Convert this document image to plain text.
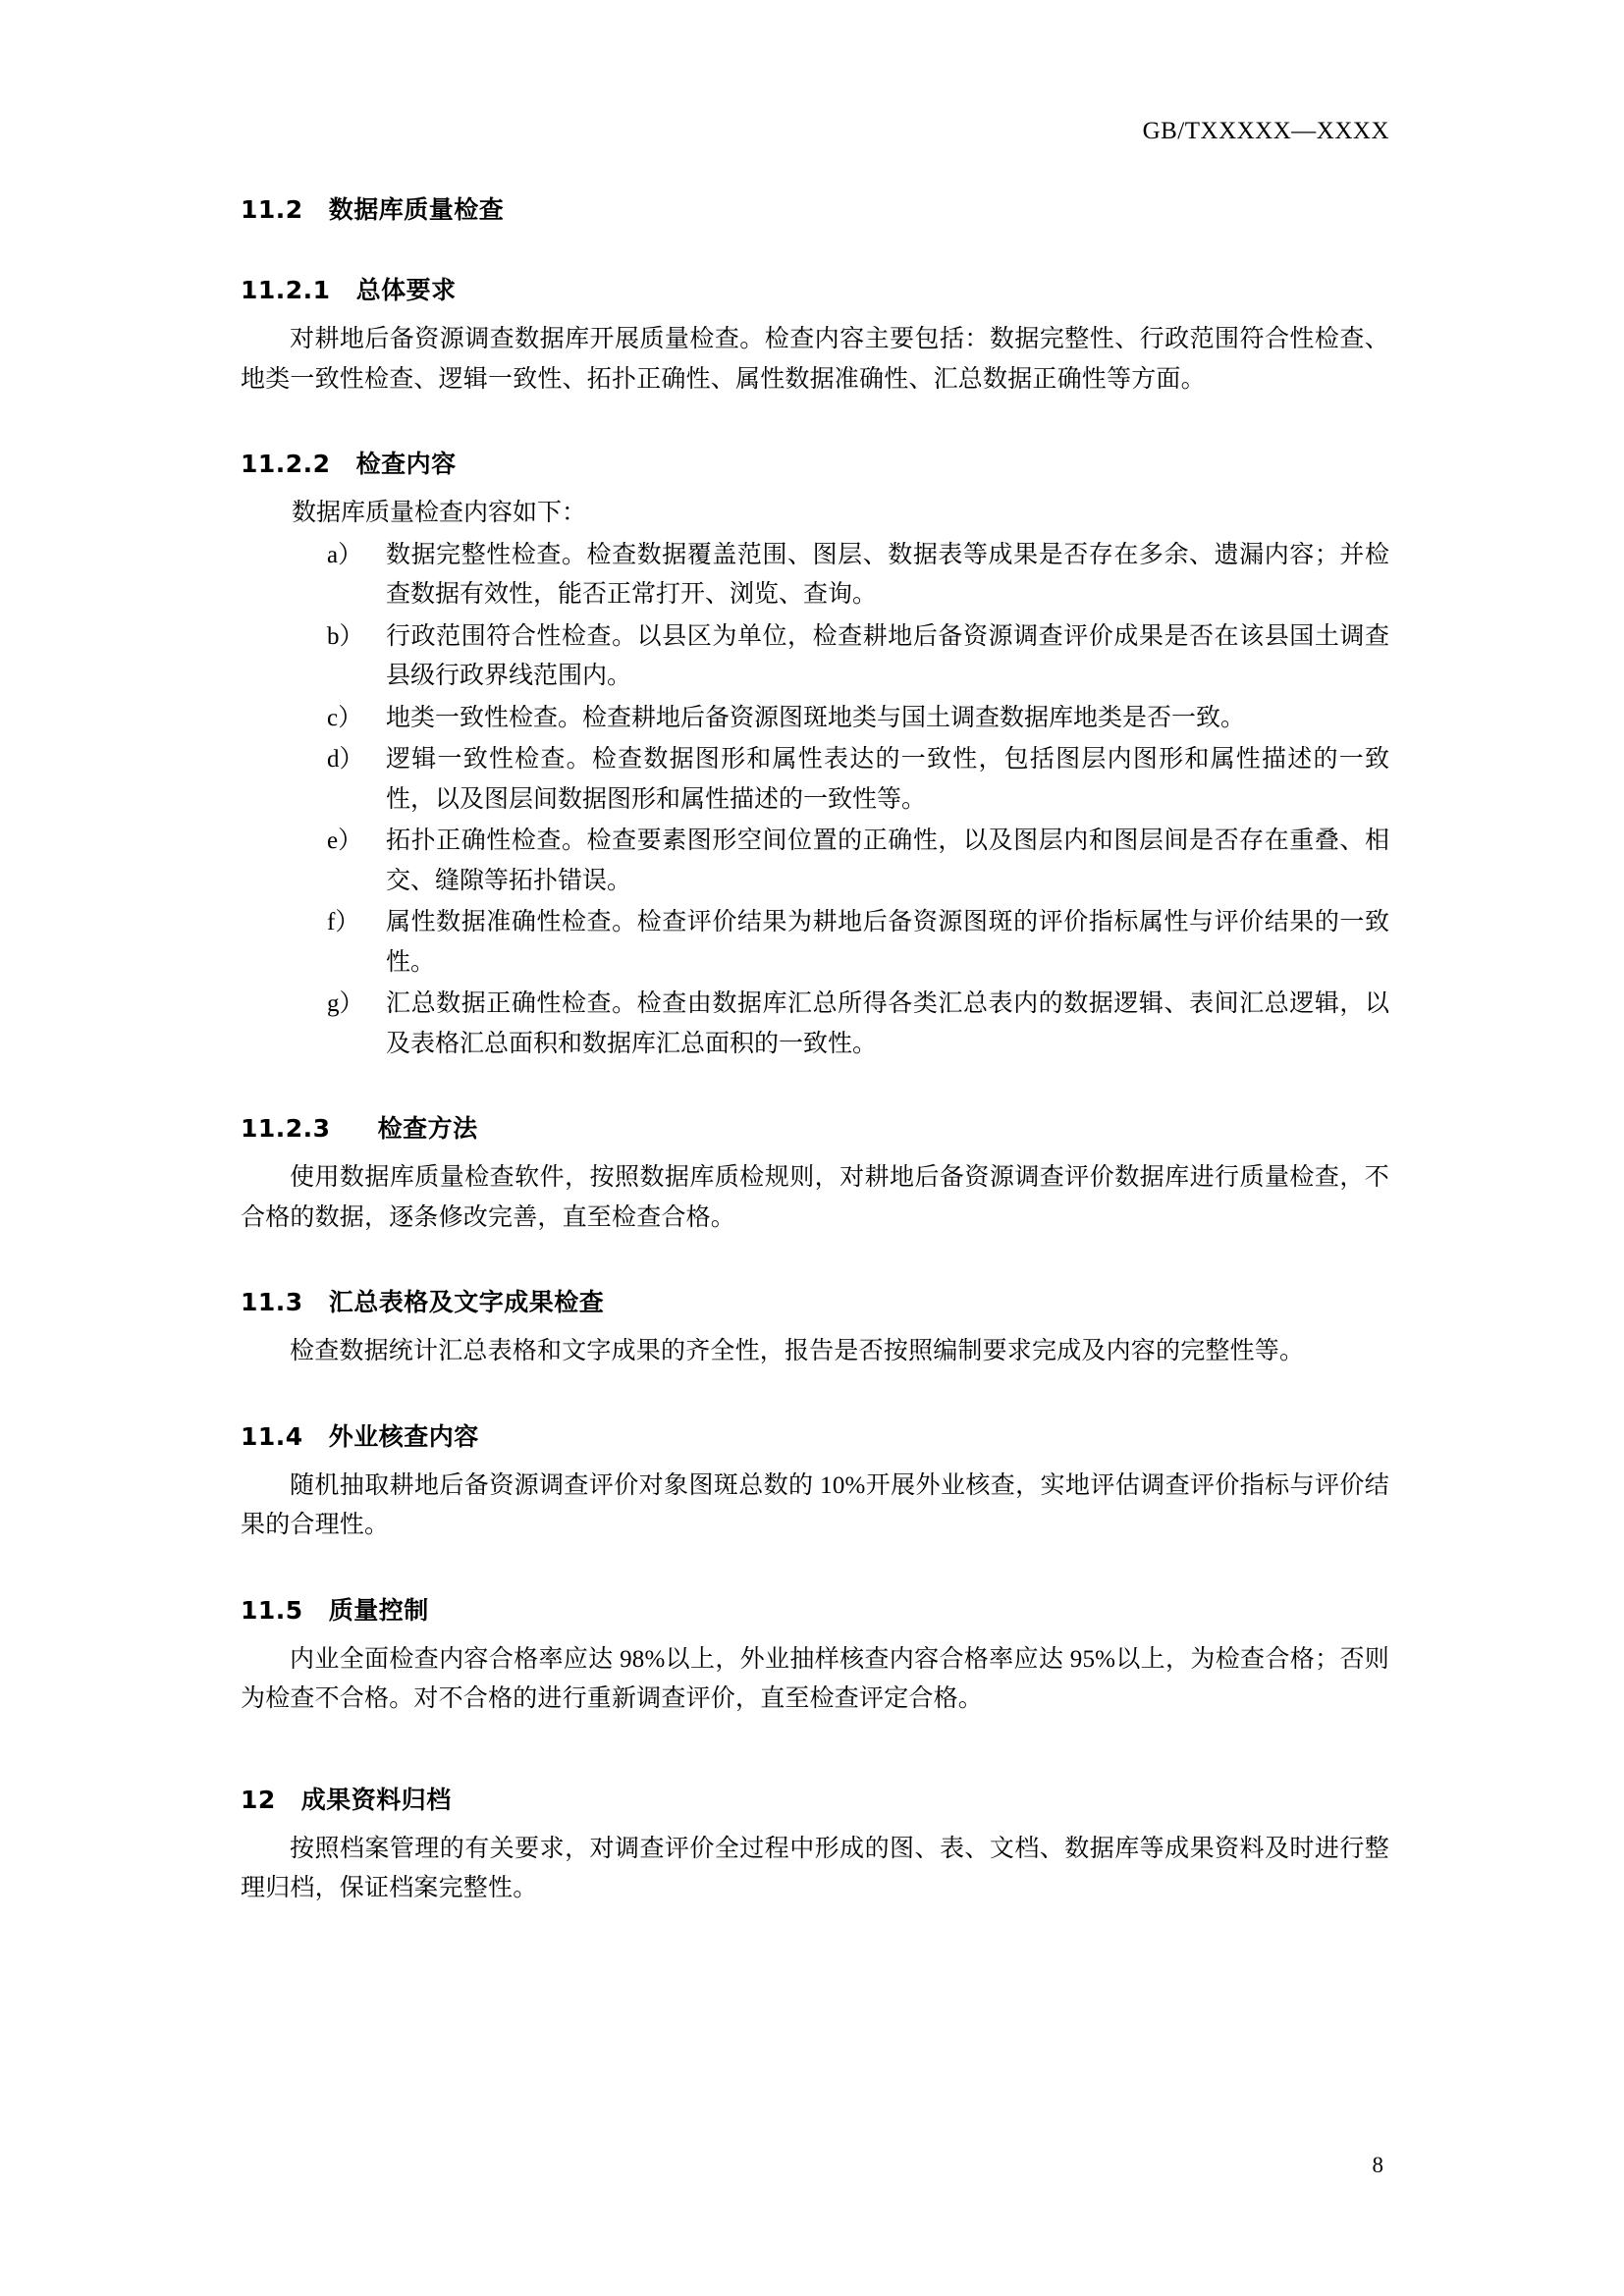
GB/TXXXXX—XXXX
11.2 数据库质量检查
11.2.1 总体要求

对耕地后备资源调查数据库开展质量检查。检查内容主要包括：数据完整性、行政范围符合性检查、地类一致性检查、逻辑一致性、拓扑正确性、属性数据准确性、汇总数据正确性等方面。

11.2.2 检查内容

数据库质量检查内容如下：

a） 数据完整性检查。检查数据覆盖范围、图层、数据表等成果是否存在多余、遗漏内容；并检查数据有效性，能否正常打开、浏览、查询。
b） 行政范围符合性检查。以县区为单位，检查耕地后备资源调查评价成果是否在该县国土调查县级行政界线范围内。
c） 地类一致性检查。检查耕地后备资源图斑地类与国土调查数据库地类是否一致。
d） 逻辑一致性检查。检查数据图形和属性表达的一致性，包括图层内图形和属性描述的一致性，以及图层间数据图形和属性描述的一致性等。
e） 拓扑正确性检查。检查要素图形空间位置的正确性，以及图层内和图层间是否存在重叠、相交、缝隙等拓扑错误。
f）	属性数据准确性检查。检查评价结果为耕地后备资源图斑的评价指标属性与评价结果的一致性。
g） 汇总数据正确性检查。检查由数据库汇总所得各类汇总表内的数据逻辑、表间汇总逻辑，以及表格汇总面积和数据库汇总面积的一致性。
11.2.3 检查方法

使用数据库质量检查软件，按照数据库质检规则，对耕地后备资源调查评价数据库进行质量检查，不合格的数据，逐条修改完善，直至检查合格。

11.3 汇总表格及文字成果检查

检查数据统计汇总表格和文字成果的齐全性，报告是否按照编制要求完成及内容的完整性等。

11.4 外业核查内容

随机抽取耕地后备资源调查评价对象图斑总数的 10%开展外业核查，实地评估调查评价指标与评价结果的合理性。

11.5 质量控制

内业全面检查内容合格率应达 98%以上，外业抽样核查内容合格率应达 95%以上，为检查合格；否则为检查不合格。对不合格的进行重新调查评价，直至检查评定合格。

12 成果资料归档

按照档案管理的有关要求，对调查评价全过程中形成的图、表、文档、数据库等成果资料及时进行整理归档，保证档案完整性。

8
